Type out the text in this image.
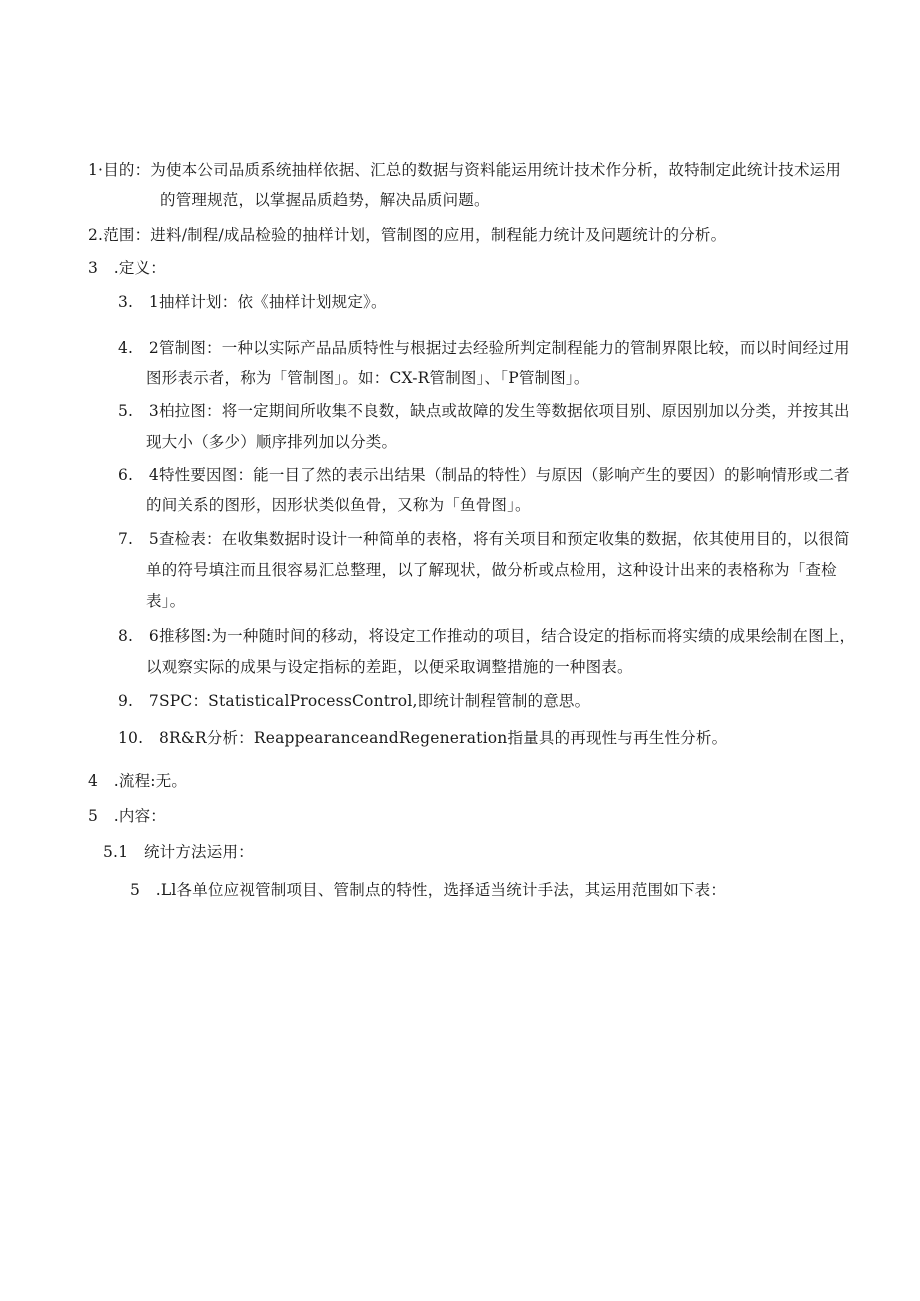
1·目的：为使本公司品质系统抽样依据、汇总的数据与资料能运用统计技术作分析，故特制定此统计技术运用
的管理规范，以掌握品质趋势，解决品质问题。
2.范围：进料/制程/成品检验的抽样计划，管制图的应用，制程能力统计及问题统计的分析。
3　.定义：
3.　1抽样计划：依《抽样计划规定》。
4.　2管制图：一种以实际产品品质特性与根据过去经验所判定制程能力的管制界限比较，而以时间经过用
图形表示者，称为「管制图」。如：CX-R管制图」、「P管制图」。
5.　3柏拉图：将一定期间所收集不良数，缺点或故障的发生等数据依项目别、原因别加以分类，并按其出
现大小（多少）顺序排列加以分类。
6.　4特性要因图：能一目了然的表示出结果（制品的特性）与原因（影响产生的要因）的影响情形或二者
的间关系的图形，因形状类似鱼骨，又称为「鱼骨图」。
7.　5查检表：在收集数据时设计一种简单的表格，将有关项目和预定收集的数据，依其使用目的，以很简
单的符号填注而且很容易汇总整理，以了解现状，做分析或点检用，这种设计出来的表格称为「查检
表」。
8.　6推移图:为一种随时间的移动，将设定工作推动的项目，结合设定的指标而将实绩的成果绘制在图上，
以观察实际的成果与设定指标的差距，以便采取调整措施的一种图表。
9.　7SPC：StatisticalProcessControl,即统计制程管制的意思。
10.　8R&R分析：ReappearanceandRegeneration指量具的再现性与再生性分析。
4　.流程:无。
5　.内容：
5.1　统计方法运用：
5　.Ll各单位应视管制项目、管制点的特性，选择适当统计手法，其运用范围如下表：
